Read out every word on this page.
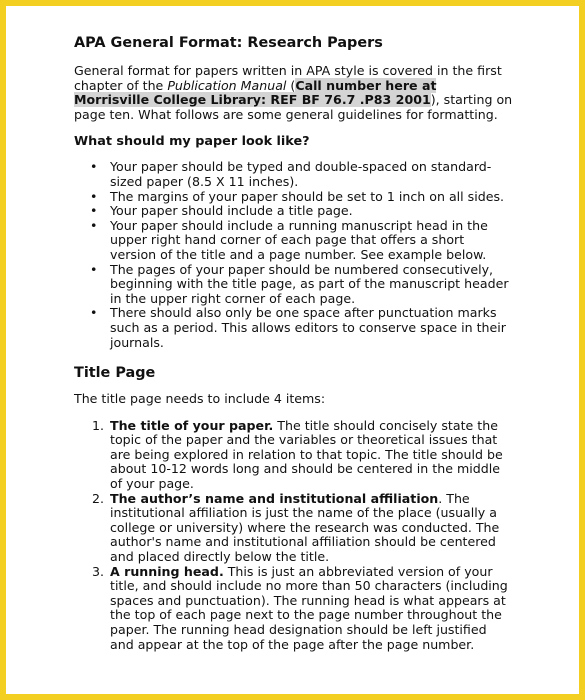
APA General Format: Research Papers

General format for papers written in APA style is covered in the first chapter of the Publication Manual (Call number here at Morrisville College Library: REF BF 76.7 .P83 2001), starting on page ten. What follows are some general guidelines for formatting.

What should my paper look like?
• Your paper should be typed and double-spaced on standard-sized paper (8.5 X 11 inches).
• The margins of your paper should be set to 1 inch on all sides.
• Your paper should include a title page.
• Your paper should include a running manuscript head in the upper right hand corner of each page that offers a short version of the title and a page number. See example below.
• The pages of your paper should be numbered consecutively, beginning with the title page, as part of the manuscript header in the upper right corner of each page.
• There should also only be one space after punctuation marks such as a period. This allows editors to conserve space in their journals.
Title Page

The title page needs to include 4 items:

1. The title of your paper. The title should concisely state the topic of the paper and the variables or theoretical issues that are being explored in relation to that topic. The title should be about 10-12 words long and should be centered in the middle of your page.
2. The author’s name and institutional affiliation. The institutional affiliation is just the name of the place (usually a college or university) where the research was conducted. The author's name and institutional affiliation should be centered and placed directly below the title.
3. A running head. This is just an abbreviated version of your title, and should include no more than 50 characters (including spaces and punctuation). The running head is what appears at the top of each page next to the page number throughout the paper. The running head designation should be left justified and appear at the top of the page after the page number.
